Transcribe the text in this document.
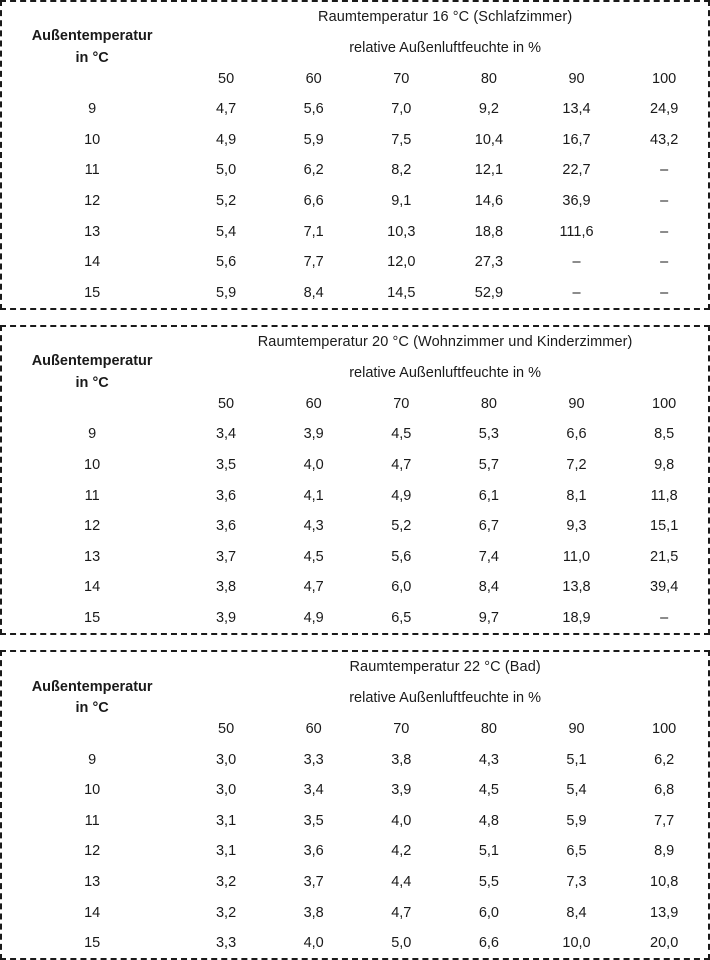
Außentemperatur
in °C	Raumtemperatur 16 °C (Schlafzimmer)					
	relative Außenluftfeuchte in %					
	50	60	70	80	90	100
9	4,7	5,6	7,0	9,2	13,4	24,9
10	4,9	5,9	7,5	10,4	16,7	43,2
11	5,0	6,2	8,2	12,1	22,7	–
12	5,2	6,6	9,1	14,6	36,9	–
13	5,4	7,1	10,3	18,8	111,6	–
14	5,6	7,7	12,0	27,3	–	–
15	5,9	8,4	14,5	52,9	–	–
Außentemperatur
in °C	Raumtemperatur 20 °C (Wohnzimmer und Kinderzimmer)					
	relative Außenluftfeuchte in %					
	50	60	70	80	90	100
9	3,4	3,9	4,5	5,3	6,6	8,5
10	3,5	4,0	4,7	5,7	7,2	9,8
11	3,6	4,1	4,9	6,1	8,1	11,8
12	3,6	4,3	5,2	6,7	9,3	15,1
13	3,7	4,5	5,6	7,4	11,0	21,5
14	3,8	4,7	6,0	8,4	13,8	39,4
15	3,9	4,9	6,5	9,7	18,9	–
Außentemperatur
in °C	Raumtemperatur 22 °C (Bad)					
	relative Außenluftfeuchte in %					
	50	60	70	80	90	100
9	3,0	3,3	3,8	4,3	5,1	6,2
10	3,0	3,4	3,9	4,5	5,4	6,8
11	3,1	3,5	4,0	4,8	5,9	7,7
12	3,1	3,6	4,2	5,1	6,5	8,9
13	3,2	3,7	4,4	5,5	7,3	10,8
14	3,2	3,8	4,7	6,0	8,4	13,9
15	3,3	4,0	5,0	6,6	10,0	20,0
